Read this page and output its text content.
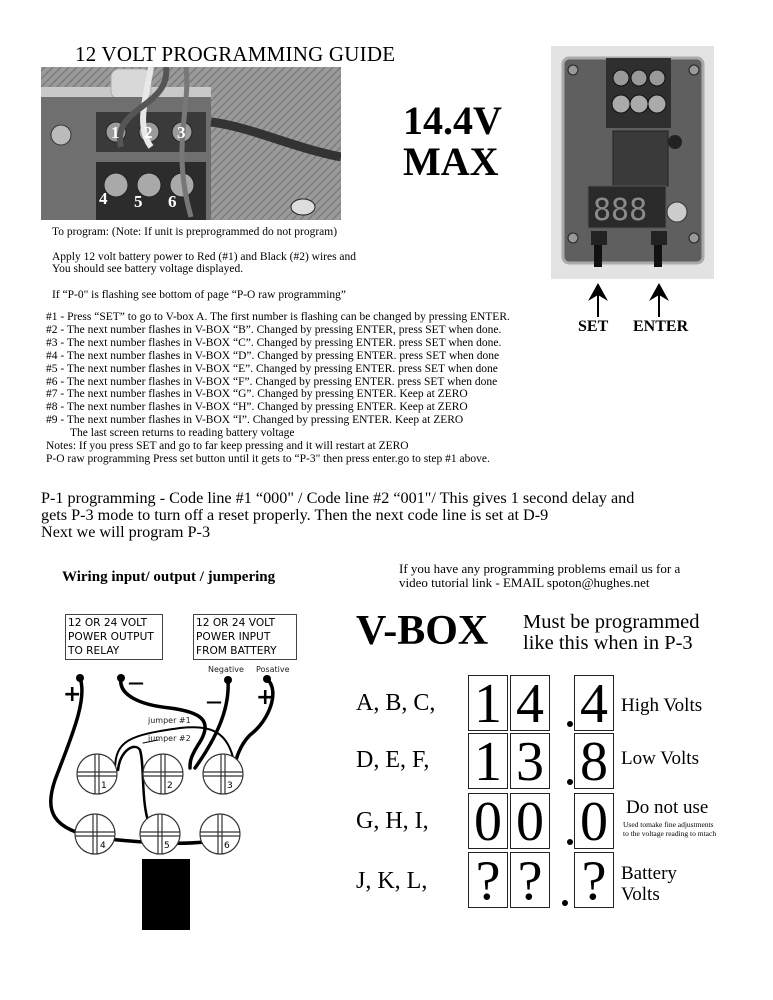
12 VOLT PROGRAMMING GUIDE
1 2 3
4 5 6
14.4V
MAX
888
SET ENTER
To program: (Note: If unit is preprogrammed do not program)
Apply 12 volt battery power to Red (#1) and Black (#2) wires and
You should see battery voltage displayed.
If “P-0" is flashing see bottom of page “P-O raw programming”
#1 - Press “SET” to go to V-box A. The first number is flashing can be changed by pressing ENTER.
#2 - The next number flashes in V-BOX “B”. Changed by pressing ENTER, press SET when done.
#3 - The next number flashes in V-BOX “C”. Changed by pressing ENTER. press SET when done.
#4 - The next number flashes in V-BOX “D”. Changed by pressing ENTER. press SET when done
#5 - The next number flashes in V-BOX “E”. Changed by pressing ENTER. press SET when done
#6 - The next number flashes in V-BOX “F”. Changed by pressing ENTER. press SET when done
#7 - The next number flashes in V-BOX “G”. Changed by pressing ENTER. Keep at ZERO
#8 - The next number flashes in V-BOX “H”. Changed by pressing ENTER. Keep at ZERO
#9 - The next number flashes in V-BOX “I”. Changed by pressing ENTER. Keep at ZERO
The last screen returns to reading battery voltage
Notes: If you press SET and go to far keep pressing and it will restart at ZERO
P-O raw programming Press set button until it gets to “P-3" then press enter.go to step #1 above.
P-1 programming - Code line #1 “000" / Code line #2 “001"/ This gives 1 second delay and
gets P-3 mode to turn off a reset properly. Then the next code line is set at D-9
Next we will program P-3
Wiring input/ output / jumpering
12 OR 24 VOLT
POWER OUTPUT
TO RELAY
12 OR 24 VOLT
POWER INPUT
FROM BATTERY
Negative Posative
+	—
— +
jumper #1
jumper #2
1	2	3
4	5	6
If you have any programming problems email us for a
video tutorial link - EMAIL spoton@hughes.net
V-BOX Must be programmed
like this when in P-3
A, B, C, 1 4 4 High Volts
D, E, F, 1 3 8 Low Volts
G, H, I, 0 0 0 Do not use
Used tomake fine adjustments
to the voltage reading to mtach
J, K, L, ? ? ? Battery
Volts
